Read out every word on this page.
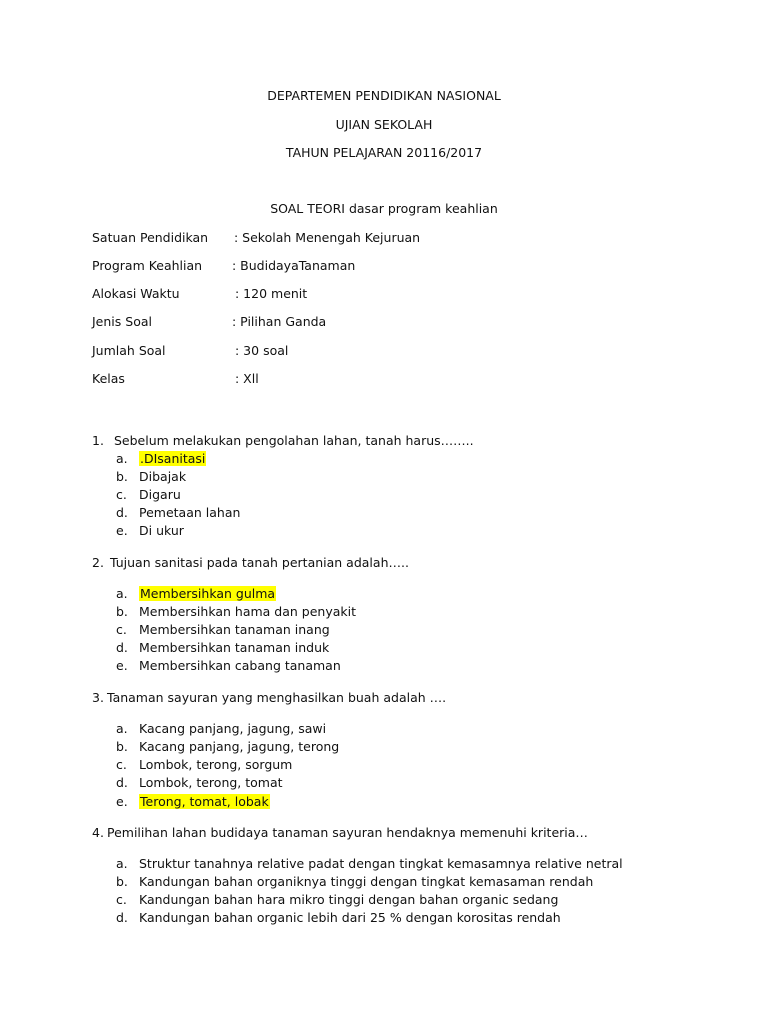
DEPARTEMEN PENDIDIKAN NASIONAL
UJIAN SEKOLAH
TAHUN PELAJARAN 20116/2017
SOAL TEORI dasar program keahlian
Satuan Pendidikan : Sekolah Menengah Kejuruan
Program Keahlian : BudidayaTanaman
Alokasi Waktu	: 120 menit
Jenis Soal	: Pilihan Ganda
Jumlah Soal	: 30 soal
Kelas	: Xll
1. Sebelum melakukan pengolahan lahan, tanah harus……..
a. .DIsanitasi
b. Dibajak
c. Digaru
d. Pemetaan lahan
e. Di ukur
2. Tujuan sanitasi pada tanah pertanian adalah…..
a. Membersihkan gulma
b. Membersihkan hama dan penyakit
c. Membersihkan tanaman inang
d. Membersihkan tanaman induk
e. Membersihkan cabang tanaman
3. Tanaman sayuran yang menghasilkan buah adalah ….
a. Kacang panjang, jagung, sawi
b. Kacang panjang, jagung, terong
c. Lombok, terong, sorgum
d. Lombok, terong, tomat
e. Terong, tomat, lobak
4. Pemilihan lahan budidaya tanaman sayuran hendaknya memenuhi kriteria…
a. Struktur tanahnya relative padat dengan tingkat kemasamnya relative netral
b. Kandungan bahan organiknya tinggi dengan tingkat kemasaman rendah
c. Kandungan bahan hara mikro tinggi dengan bahan organic sedang
d. Kandungan bahan organic lebih dari 25 % dengan korositas rendah
